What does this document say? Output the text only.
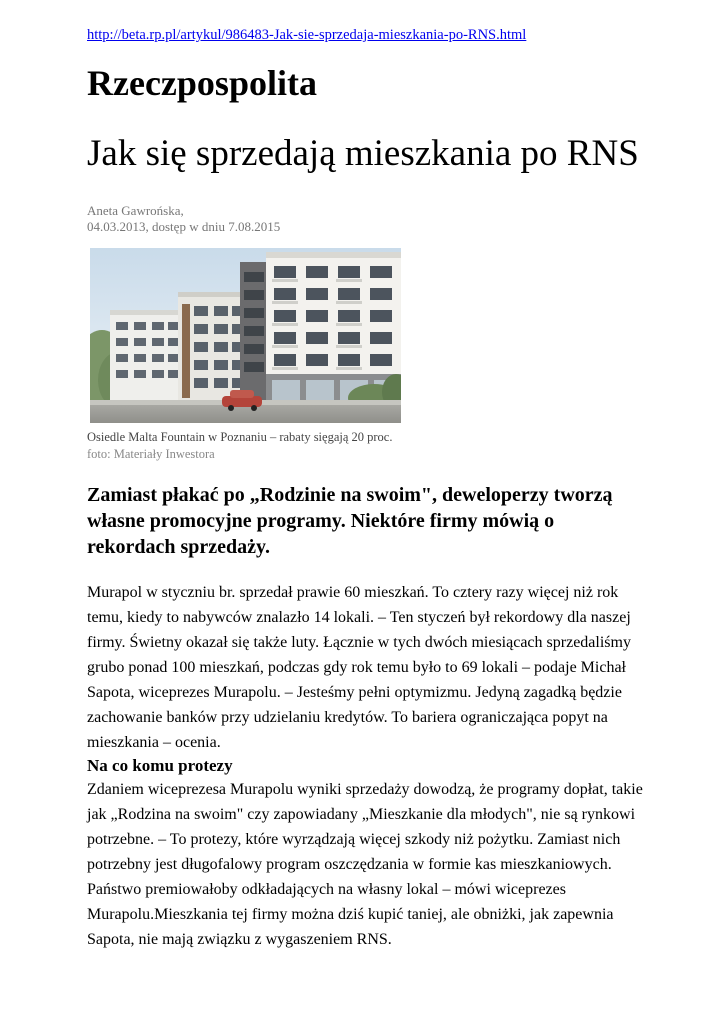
http://beta.rp.pl/artykul/986483-Jak-sie-sprzedaja-mieszkania-po-RNS.html
Rzeczpospolita
Jak się sprzedają mieszkania po RNS
Aneta Gawrońska,
04.03.2013, dostęp w dniu 7.08.2015
Osiedle Malta Fountain w Poznaniu – rabaty sięgają 20 proc.
foto: Materiały Inwestora

Zamiast płakać po „Rodzinie na swoim", deweloperzy tworzą własne promocyjne programy. Niektóre firmy mówią o rekordach sprzedaży.

Murapol w styczniu br. sprzedał prawie 60 mieszkań. To cztery razy więcej niż rok temu, kiedy to nabywców znalazło 14 lokali. – Ten styczeń był rekordowy dla naszej firmy. Świetny okazał się także luty. Łącznie w tych dwóch miesiącach sprzedaliśmy grubo ponad 100 mieszkań, podczas gdy rok temu było to 69 lokali – podaje Michał Sapota, wiceprezes Murapolu. – Jesteśmy pełni optymizmu. Jedyną zagadką będzie zachowanie banków przy udzielaniu kredytów. To bariera ograniczająca popyt na mieszkania – ocenia.

Na co komu protezy

Zdaniem wiceprezesa Murapolu wyniki sprzedaży dowodzą, że programy dopłat, takie jak „Rodzina na swoim" czy zapowiadany „Mieszkanie dla młodych", nie są rynkowi potrzebne. – To protezy, które wyrządzają więcej szkody niż pożytku. Zamiast nich potrzebny jest długofalowy program oszczędzania w formie kas mieszkaniowych. Państwo premiowałoby odkładających na własny lokal – mówi wiceprezes Murapolu.Mieszkania tej firmy można dziś kupić taniej, ale obniżki, jak zapewnia Sapota, nie mają związku z wygaszeniem RNS.
